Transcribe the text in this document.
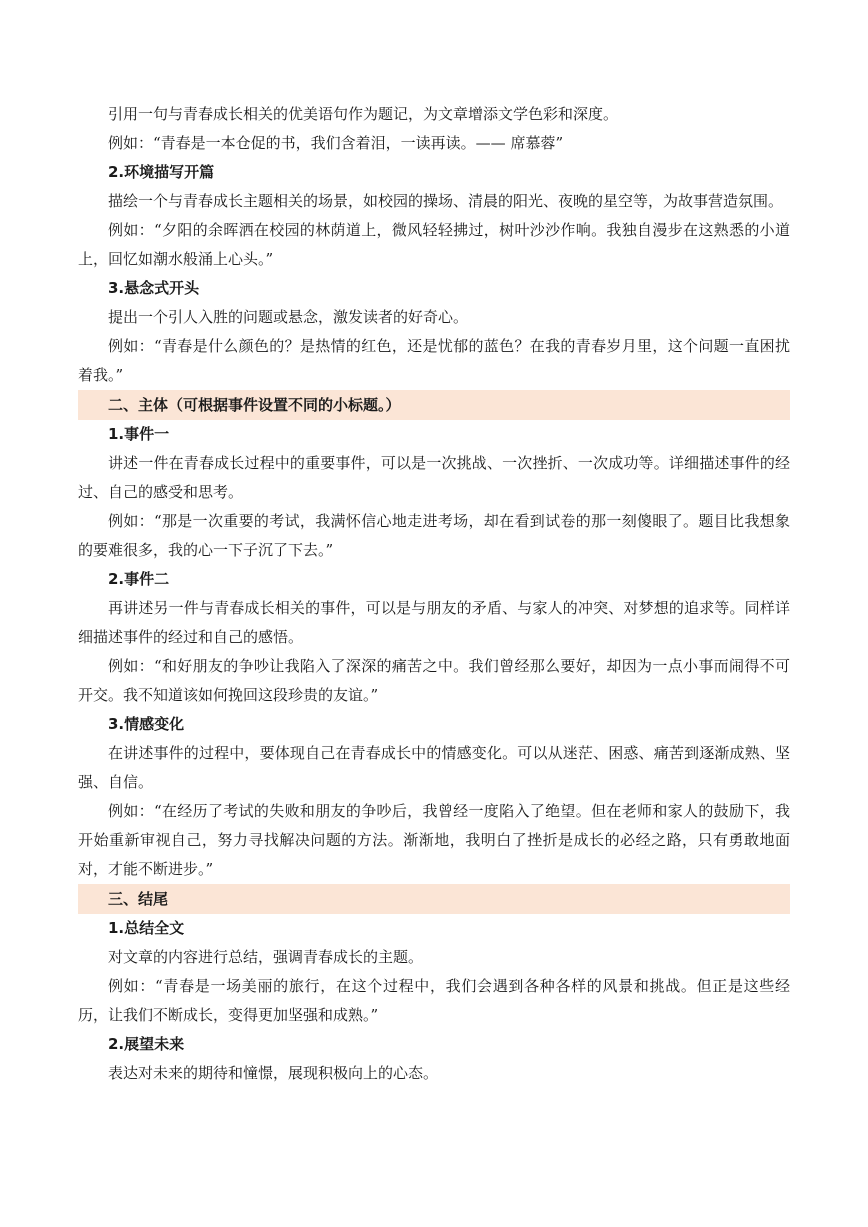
引用一句与青春成长相关的优美语句作为题记，为文章增添文学色彩和深度。

例如：“青春是一本仓促的书，我们含着泪，一读再读。—— 席慕蓉”

2.环境描写开篇

描绘一个与青春成长主题相关的场景，如校园的操场、清晨的阳光、夜晚的星空等，为故事营造氛围。

例如：“夕阳的余晖洒在校园的林荫道上，微风轻轻拂过，树叶沙沙作响。我独自漫步在这熟悉的小道上，回忆如潮水般涌上心头。”

3.悬念式开头

提出一个引人入胜的问题或悬念，激发读者的好奇心。

例如：“青春是什么颜色的？是热情的红色，还是忧郁的蓝色？在我的青春岁月里，这个问题一直困扰着我。”

二、主体（可根据事件设置不同的小标题。）

1.事件一

讲述一件在青春成长过程中的重要事件，可以是一次挑战、一次挫折、一次成功等。详细描述事件的经过、自己的感受和思考。

例如：“那是一次重要的考试，我满怀信心地走进考场，却在看到试卷的那一刻傻眼了。题目比我想象的要难很多，我的心一下子沉了下去。”

2.事件二

再讲述另一件与青春成长相关的事件，可以是与朋友的矛盾、与家人的冲突、对梦想的追求等。同样详细描述事件的经过和自己的感悟。

例如：“和好朋友的争吵让我陷入了深深的痛苦之中。我们曾经那么要好，却因为一点小事而闹得不可开交。我不知道该如何挽回这段珍贵的友谊。”

3.情感变化

在讲述事件的过程中，要体现自己在青春成长中的情感变化。可以从迷茫、困惑、痛苦到逐渐成熟、坚强、自信。

例如：“在经历了考试的失败和朋友的争吵后，我曾经一度陷入了绝望。但在老师和家人的鼓励下，我开始重新审视自己，努力寻找解决问题的方法。渐渐地，我明白了挫折是成长的必经之路，只有勇敢地面对，才能不断进步。”

三、结尾

1.总结全文

对文章的内容进行总结，强调青春成长的主题。

例如：“青春是一场美丽的旅行，在这个过程中，我们会遇到各种各样的风景和挑战。但正是这些经历，让我们不断成长，变得更加坚强和成熟。”

2.展望未来

表达对未来的期待和憧憬，展现积极向上的心态。
